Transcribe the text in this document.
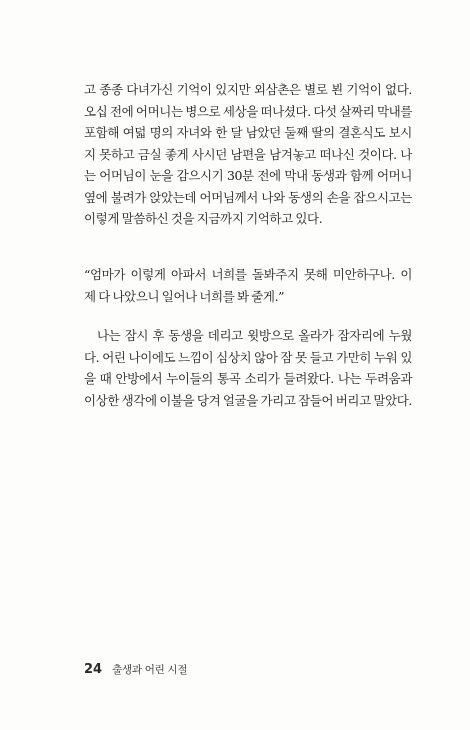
고 종종 다녀가신 기억이 있지만 외삼촌은 별로 뵌 기억이 없다.

오십 전에 어머니는 병으로 세상을 떠나셨다. 다섯 살짜리 막내를

포함해 여덟 명의 자녀와 한 달 남았던 둘째 딸의 결혼식도 보시

지 못하고 금실 좋게 사시던 남편을 남겨놓고 떠나신 것이다. 나

는 어머님이 눈을 감으시기 30분 전에 막내 동생과 함께 어머니

옆에 불려가 앉았는데 어머님께서 나와 동생의 손을 잡으시고는

이렇게 말씀하신 것을 지금까지 기억하고 있다.

“엄마가 이렇게 아파서 너희를 돌봐주지 못해 미안하구나. 이

제 다 나았으니 일어나 너희를 봐 줄게.”

나는 잠시 후 동생을 데리고 윗방으로 올라가 잠자리에 누웠

다. 어린 나이에도 느낌이 심상치 않아 잠 못 들고 가만히 누워 있

을 때 안방에서 누이들의 통곡 소리가 들려왔다. 나는 두려움과

이상한 생각에 이불을 당겨 얼굴을 가리고 잠들어 버리고 말았다.

24 출생과 어린 시절
